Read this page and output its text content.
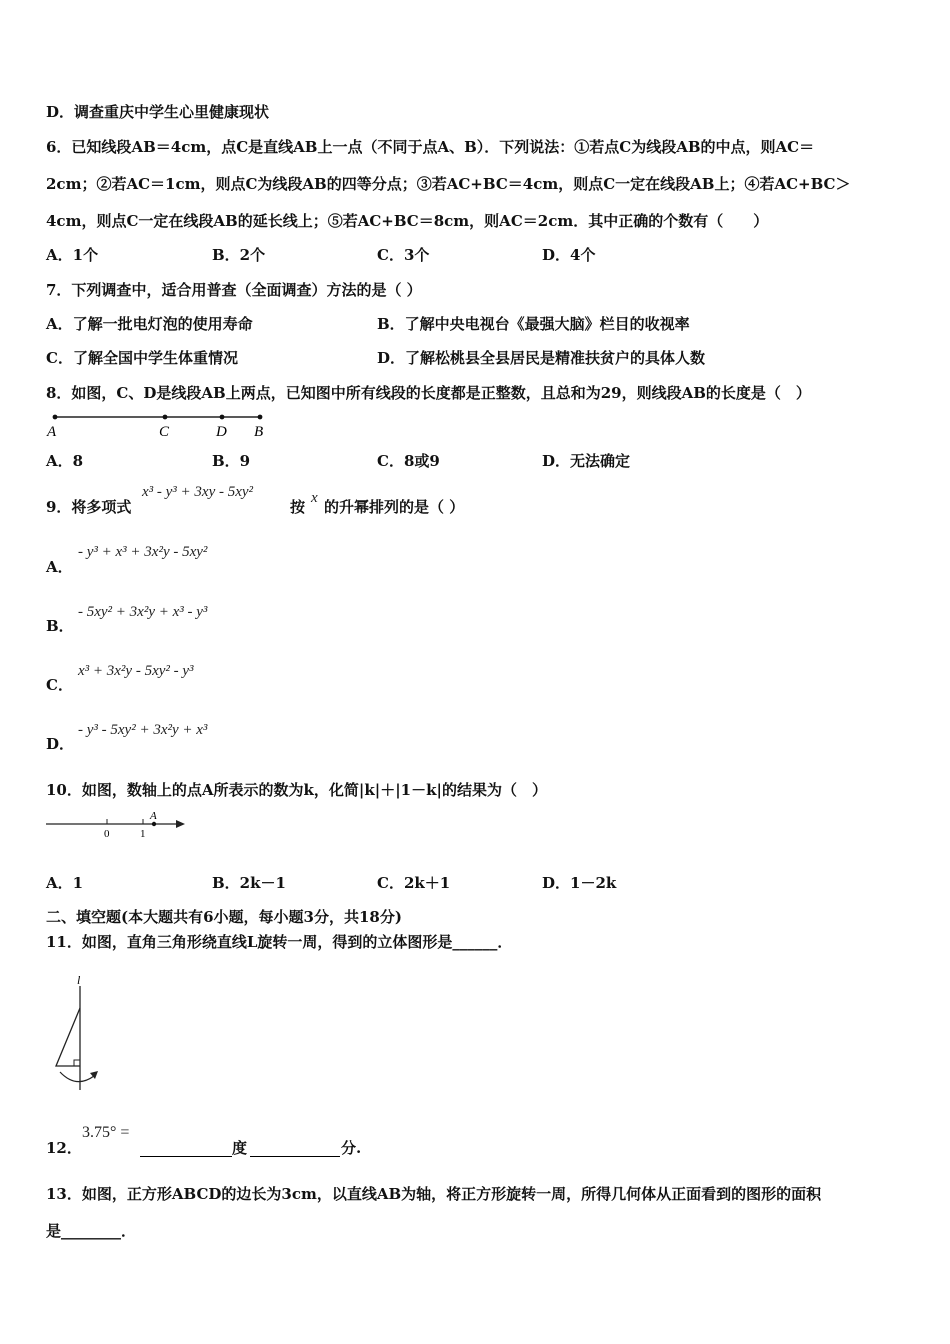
D．调查重庆中学生心里健康现状
6．已知线段AB＝4cm，点C是直线AB上一点（不同于点A、B）．下列说法：①若点C为线段AB的中点，则AC＝
2cm；②若AC＝1cm，则点C为线段AB的四等分点；③若AC+BC＝4cm，则点C一定在线段AB上；④若AC+BC＞
4cm，则点C一定在线段AB的延长线上；⑤若AC+BC＝8cm，则AC＝2cm．其中正确的个数有（　　）
A．1个	B．2个	C．3个	D．4个
7．下列调查中，适合用普查（全面调查）方法的是（ ）
A．了解一批电灯泡的使用寿命	B．了解中央电视台《最强大脑》栏目的收视率
C．了解全国中学生体重情况	D．了解松桃县全县居民是精准扶贫户的具体人数
8．如图，C、D是线段AB上两点，已知图中所有线段的长度都是正整数，且总和为29，则线段AB的长度是（　）
A	C	D B
A．8	B．9	C．8或9	D．无法确定
9．将多项式
x³ - y³ + 3xy - 5xy²
按 x 的升幂排列的是（ ）
A．
- y³ + x³ + 3x²y - 5xy²
B．
- 5xy² + 3x²y + x³ - y³
C．
x³ + 3x²y - 5xy² - y³
D．
- y³ - 5xy² + 3x²y + x³
10．如图，数轴上的点A所表示的数为k，化简|k|＋|1－k|的结果为（　）
0	1
A
A．1	B．2k－1	C．2k＋1	D．1－2k
二、填空题(本大题共有6小题，每小题3分，共18分)
11．如图，直角三角形绕直线L旋转一周，得到的立体图形是______．
l
12．
3.75° =
度	分.
13．如图，正方形ABCD的边长为3cm，以直线AB为轴，将正方形旋转一周，所得几何体从正面看到的图形的面积
是________．
